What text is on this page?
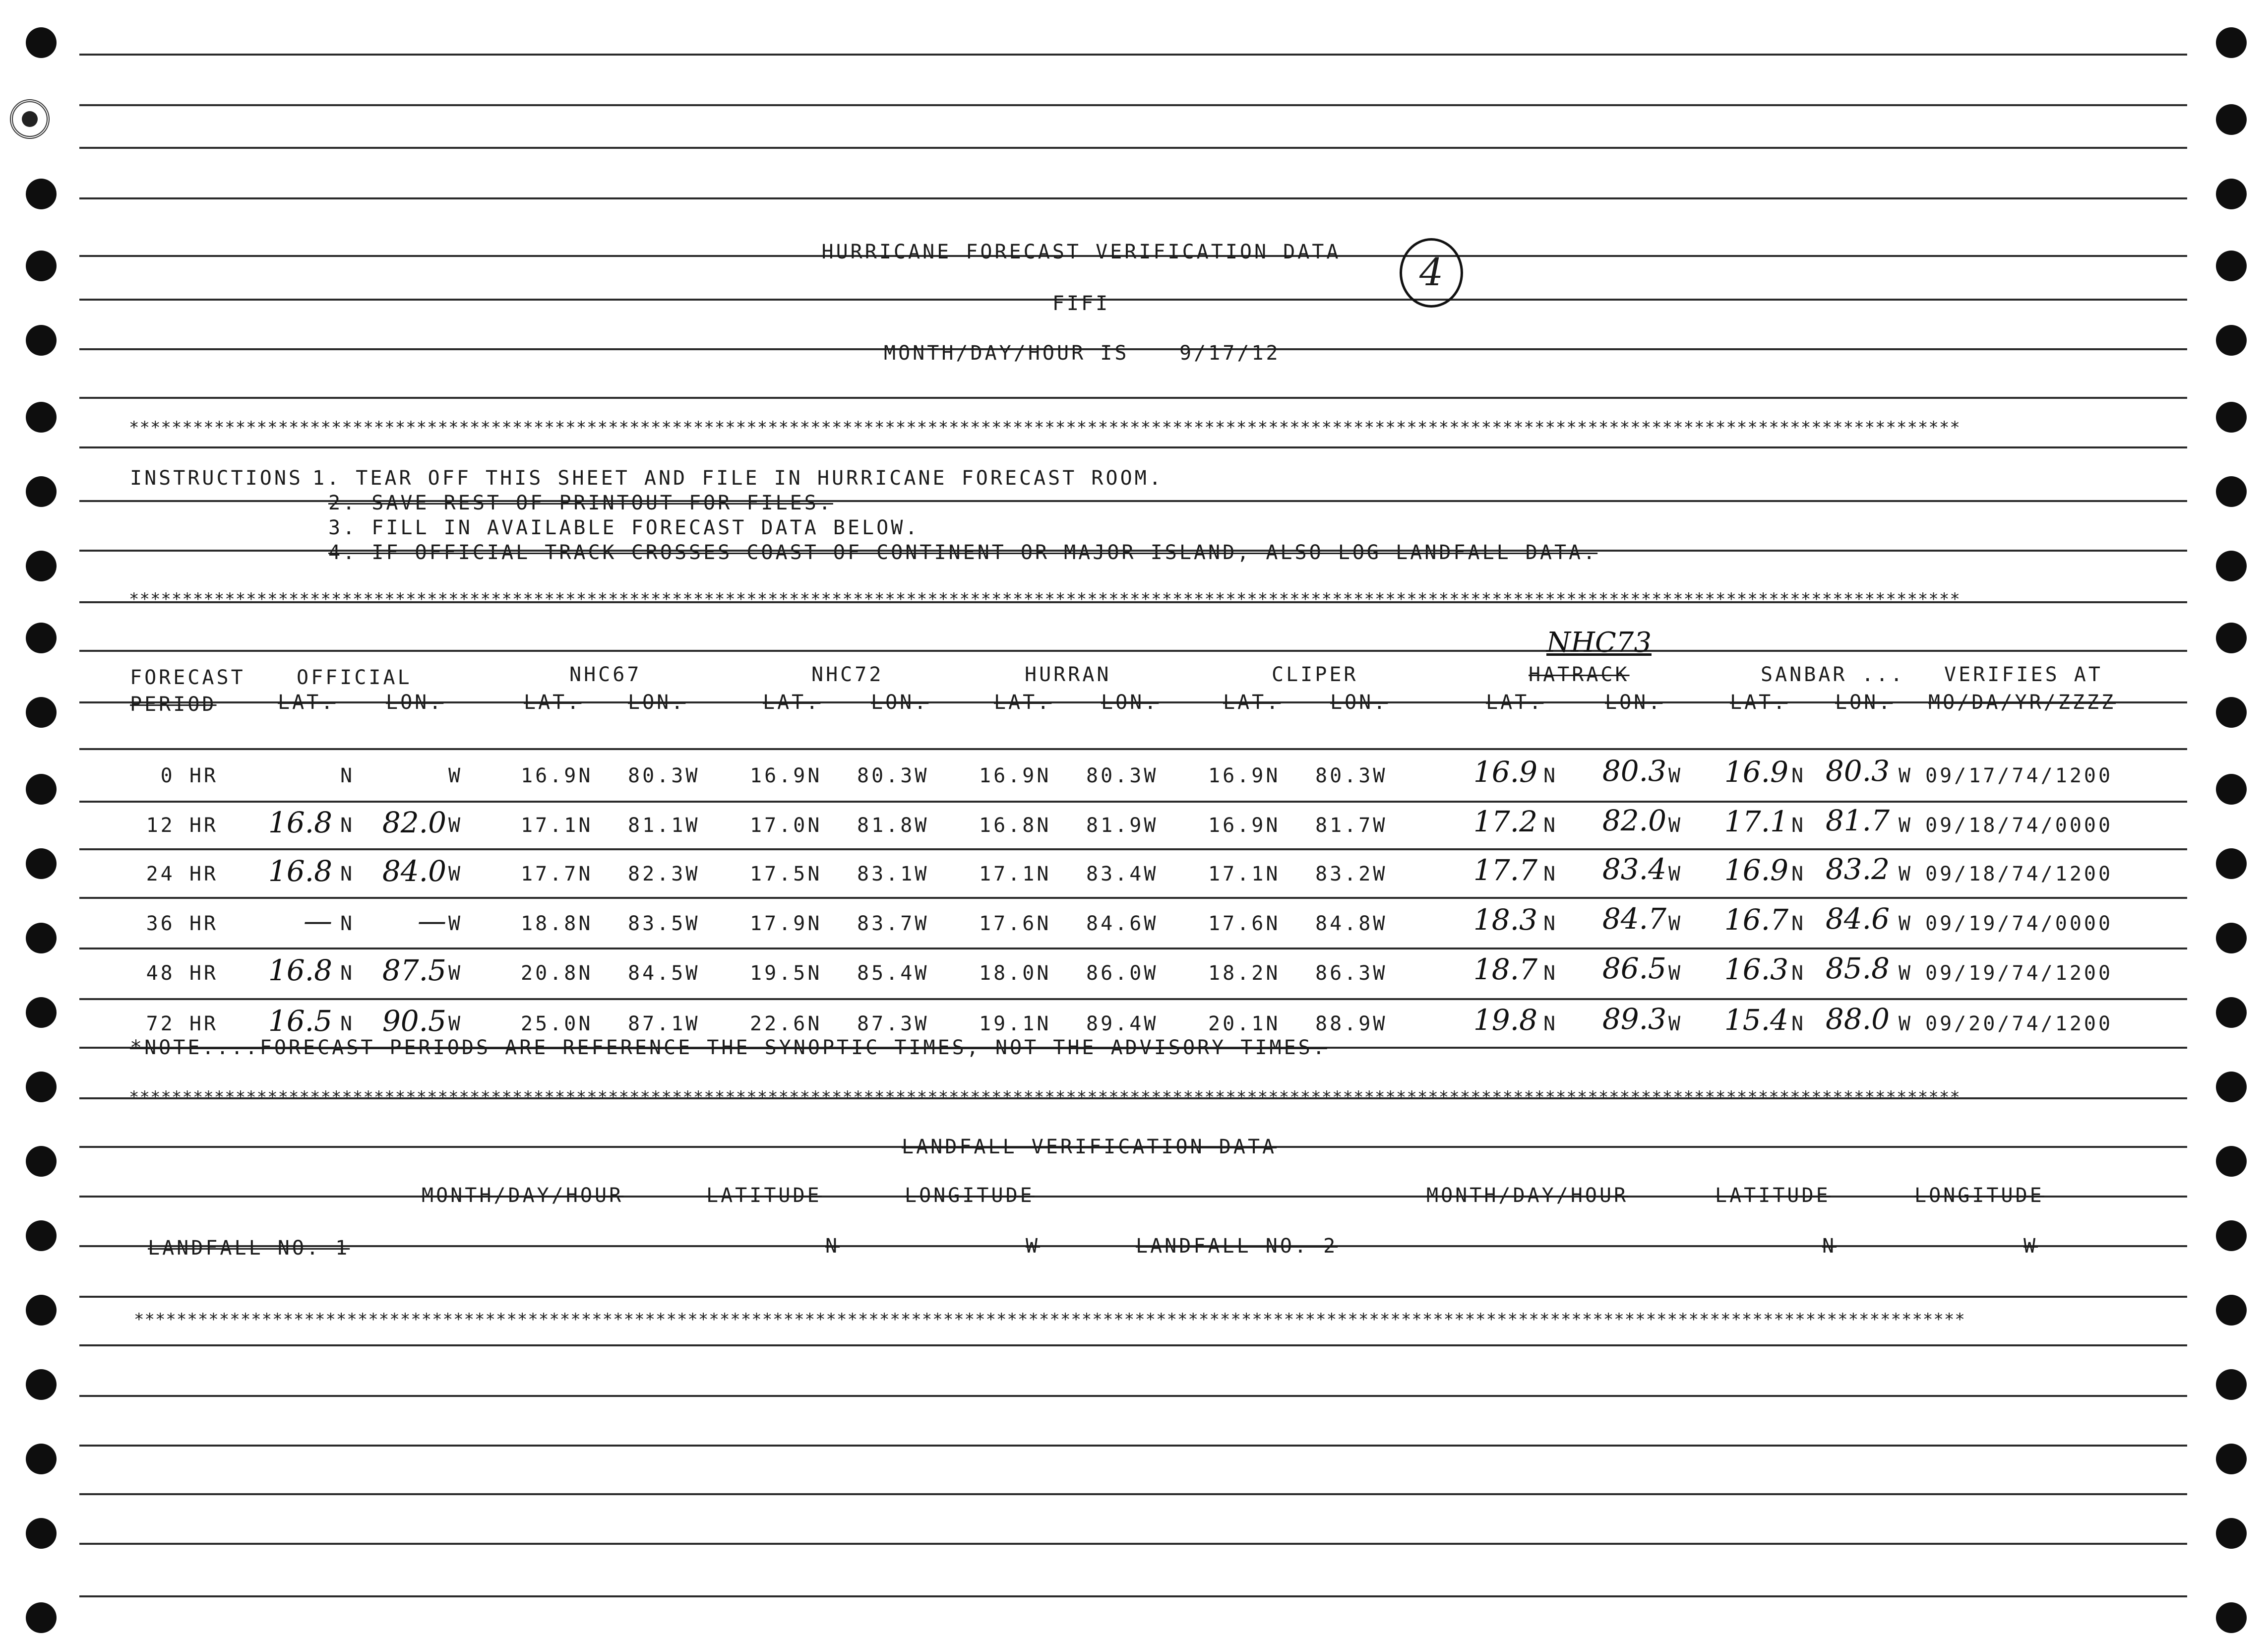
4
HURRICANE FORECAST VERIFICATION DATA
FIFI
MONTH/DAY/HOUR IS	9/17/12
****************************************************************************************************************************************************************************
INSTRUCTIONS 1. TEAR OFF THIS SHEET AND FILE IN HURRICANE FORECAST ROOM.
2. SAVE REST OF PRINTOUT FOR FILES.
3. FILL IN AVAILABLE FORECAST DATA BELOW.
4. IF OFFICIAL TRACK CROSSES COAST OF CONTINENT OR MAJOR ISLAND, ALSO LOG LANDFALL DATA.
****************************************************************************************************************************************************************************
FORECAST
PERIOD
OFFICIAL	NHC67	NHC72	HURRAN	CLIPER
NHC73
HATRACK	SANBAR ... VERIFIES AT
LAT.	LON.	LAT. LON.	LAT.	LON.	LAT. LON.	LAT. LON.	LAT.	LON.	LAT. LON. MO/DA/YR/ZZZZ
0 HR	N	W	16.9N 80.3W	16.9N 80.3W	16.9N 80.3W	16.9N 80.3W	16.9 N	80.3 W 16.9 N 80.3 W 09/17/74/1200
12 HR 16.8 N 82.0 W	17.1N 81.1W	17.0N 81.8W	16.8N 81.9W	16.9N 81.7W	17.2 N	82.0 W 17.1 N 81.7 W 09/18/74/0000
24 HR 16.8 N 84.0 W	17.7N 82.3W	17.5N 83.1W	17.1N 83.4W	17.1N 83.2W	17.7 N	83.4 W 16.9 N 83.2 W 09/18/74/1200
36 HR	— N	— W	18.8N 83.5W	17.9N 83.7W	17.6N 84.6W	17.6N 84.8W	18.3 N	84.7 W 16.7 N 84.6 W 09/19/74/0000
48 HR 16.8 N 87.5 W	20.8N 84.5W	19.5N 85.4W	18.0N 86.0W	18.2N 86.3W	18.7 N	86.5 W 16.3 N 85.8 W 09/19/74/1200
72 HR 16.5 N 90.5 W	25.0N 87.1W	22.6N 87.3W	19.1N 89.4W	20.1N 88.9W	19.8 N	89.3 W 15.4 N 88.0 W 09/20/74/1200
*NOTE....FORECAST PERIODS ARE REFERENCE THE SYNOPTIC TIMES, NOT THE ADVISORY TIMES.
****************************************************************************************************************************************************************************
LANDFALL VERIFICATION DATA
MONTH/DAY/HOUR	LATITUDE	LONGITUDE	MONTH/DAY/HOUR	LATITUDE	LONGITUDE
LANDFALL NO. 1	N	W	LANDFALL NO. 2	N	W
****************************************************************************************************************************************************************************
